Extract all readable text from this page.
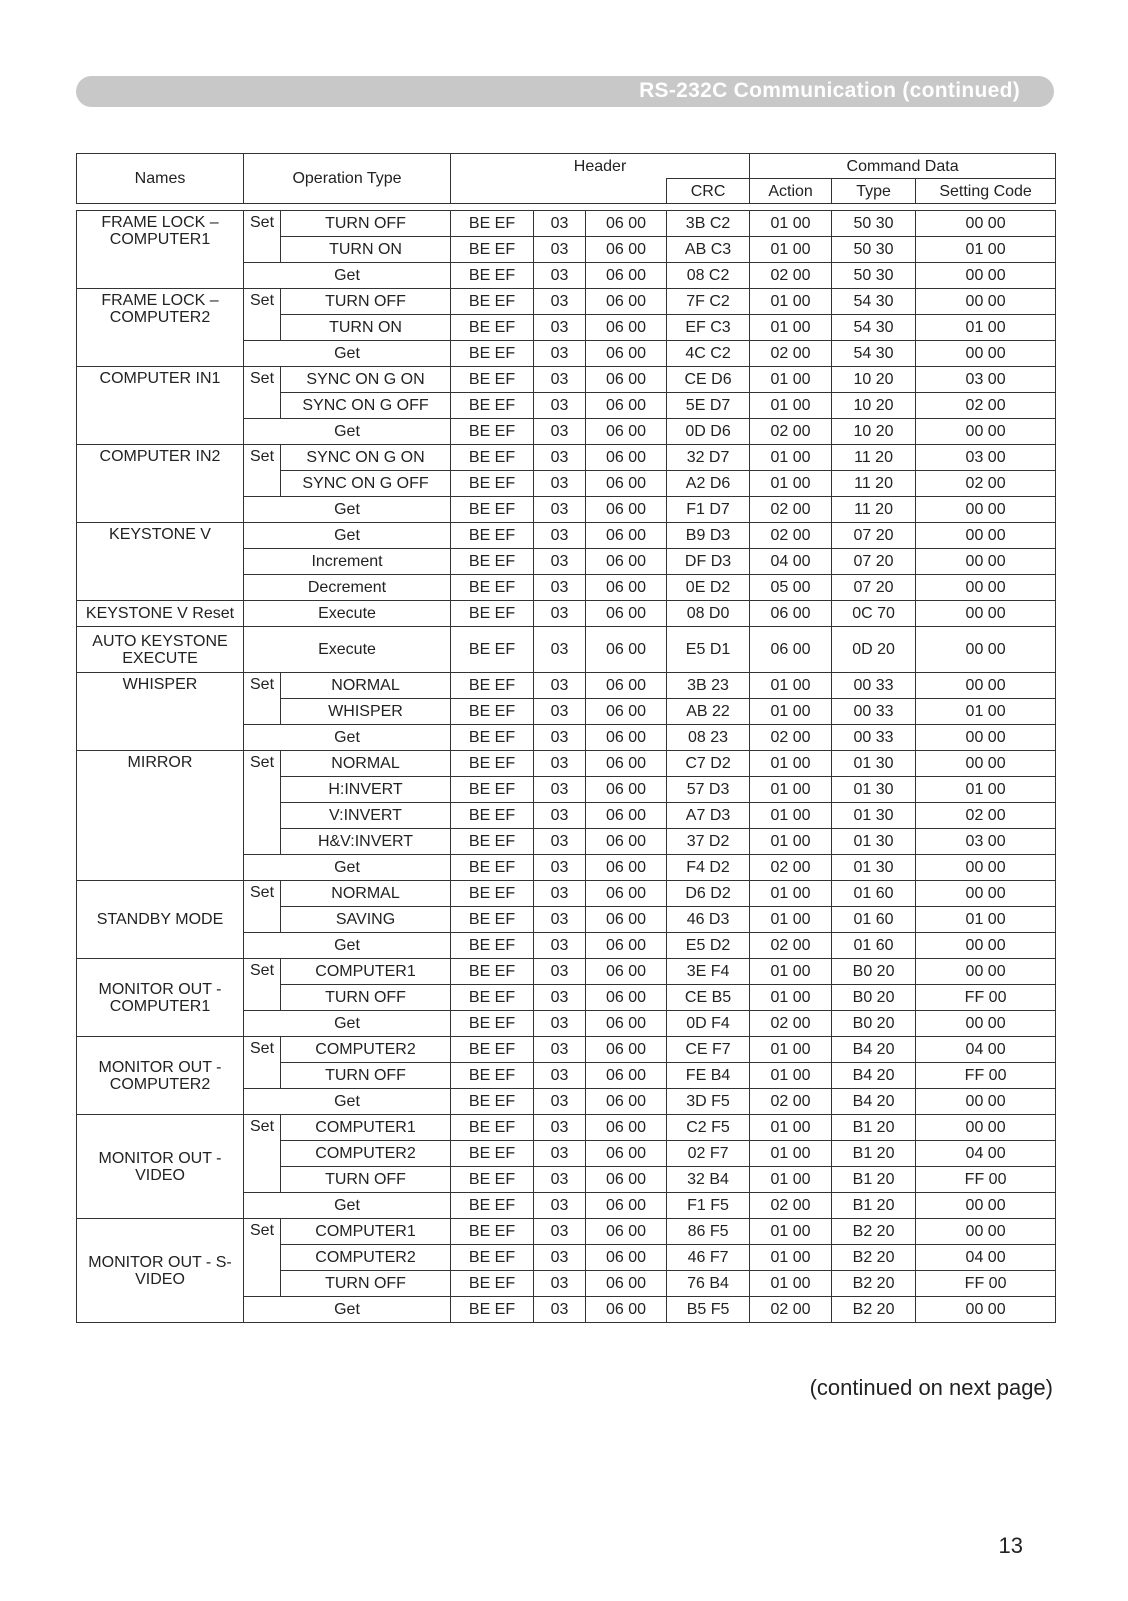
RS-232C Communication (continued)
Names	Operation Type		Header				Command Data		
						CRC	Action	Type	Setting Code

FRAME LOCK – COMPUTER1	Set	TURN OFF	BE EF	03	06 00	3B C2	01 00	50 30	00 00
		TURN ON	BE EF	03	06 00	AB C3	01 00	50 30	01 00
	Get		BE EF	03	06 00	08 C2	02 00	50 30	00 00
FRAME LOCK – COMPUTER2	Set	TURN OFF	BE EF	03	06 00	7F C2	01 00	54 30	00 00
		TURN ON	BE EF	03	06 00	EF C3	01 00	54 30	01 00
	Get		BE EF	03	06 00	4C C2	02 00	54 30	00 00
COMPUTER IN1	Set	SYNC ON G ON	BE EF	03	06 00	CE D6	01 00	10 20	03 00
		SYNC ON G OFF	BE EF	03	06 00	5E D7	01 00	10 20	02 00
	Get		BE EF	03	06 00	0D D6	02 00	10 20	00 00
COMPUTER IN2	Set	SYNC ON G ON	BE EF	03	06 00	32 D7	01 00	11 20	03 00
		SYNC ON G OFF	BE EF	03	06 00	A2 D6	01 00	11 20	02 00
	Get		BE EF	03	06 00	F1 D7	02 00	11 20	00 00
KEYSTONE V	Get		BE EF	03	06 00	B9 D3	02 00	07 20	00 00
	Increment		BE EF	03	06 00	DF D3	04 00	07 20	00 00
	Decrement		BE EF	03	06 00	0E D2	05 00	07 20	00 00
KEYSTONE V Reset	Execute		BE EF	03	06 00	08 D0	06 00	0C 70	00 00
AUTO KEYSTONE EXECUTE	Execute		BE EF	03	06 00	E5 D1	06 00	0D 20	00 00
WHISPER	Set	NORMAL	BE EF	03	06 00	3B 23	01 00	00 33	00 00
		WHISPER	BE EF	03	06 00	AB 22	01 00	00 33	01 00
	Get		BE EF	03	06 00	08 23	02 00	00 33	00 00
MIRROR	Set	NORMAL	BE EF	03	06 00	C7 D2	01 00	01 30	00 00
		H:INVERT	BE EF	03	06 00	57 D3	01 00	01 30	01 00
		V:INVERT	BE EF	03	06 00	A7 D3	01 00	01 30	02 00
		H&V:INVERT	BE EF	03	06 00	37 D2	01 00	01 30	03 00
	Get		BE EF	03	06 00	F4 D2	02 00	01 30	00 00
STANDBY MODE	Set	NORMAL	BE EF	03	06 00	D6 D2	01 00	01 60	00 00
		SAVING	BE EF	03	06 00	46 D3	01 00	01 60	01 00
	Get		BE EF	03	06 00	E5 D2	02 00	01 60	00 00
MONITOR OUT - COMPUTER1	Set	COMPUTER1	BE EF	03	06 00	3E F4	01 00	B0 20	00 00
		TURN OFF	BE EF	03	06 00	CE B5	01 00	B0 20	FF 00
	Get		BE EF	03	06 00	0D F4	02 00	B0 20	00 00
MONITOR OUT - COMPUTER2	Set	COMPUTER2	BE EF	03	06 00	CE F7	01 00	B4 20	04 00
		TURN OFF	BE EF	03	06 00	FE B4	01 00	B4 20	FF 00
	Get		BE EF	03	06 00	3D F5	02 00	B4 20	00 00
MONITOR OUT - VIDEO	Set	COMPUTER1	BE EF	03	06 00	C2 F5	01 00	B1 20	00 00
		COMPUTER2	BE EF	03	06 00	02 F7	01 00	B1 20	04 00
		TURN OFF	BE EF	03	06 00	32 B4	01 00	B1 20	FF 00
	Get		BE EF	03	06 00	F1 F5	02 00	B1 20	00 00
MONITOR OUT - S-VIDEO	Set	COMPUTER1	BE EF	03	06 00	86 F5	01 00	B2 20	00 00
		COMPUTER2	BE EF	03	06 00	46 F7	01 00	B2 20	04 00
		TURN OFF	BE EF	03	06 00	76 B4	01 00	B2 20	FF 00
	Get		BE EF	03	06 00	B5 F5	02 00	B2 20	00 00
(continued on next page)
13
